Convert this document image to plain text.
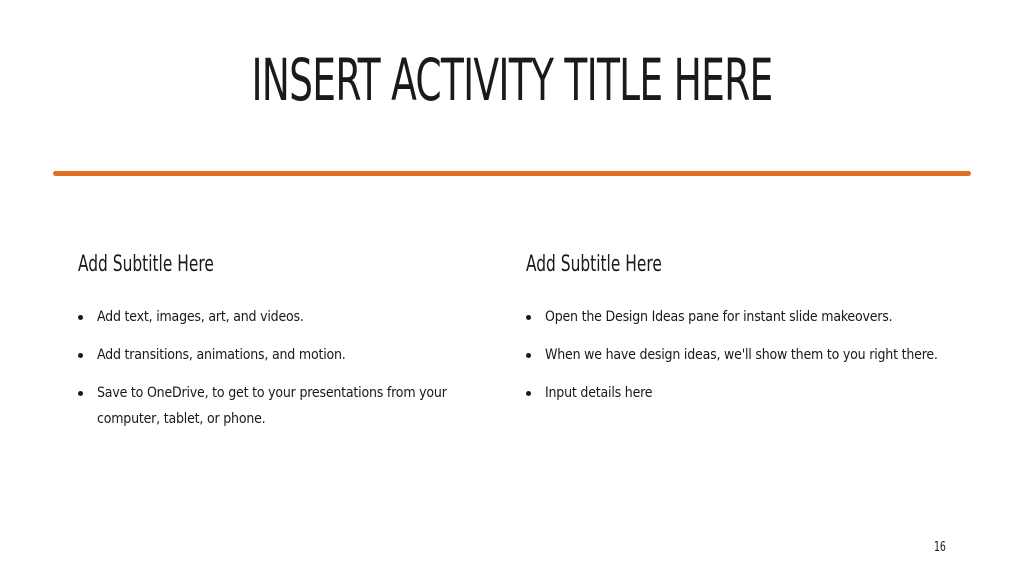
INSERT ACTIVITY TITLE HERE
Add Subtitle Here
Add text, images, art, and videos.
Add transitions, animations, and motion.
Save to OneDrive, to get to your presentations from your computer, tablet, or phone.
Add Subtitle Here
Open the Design Ideas pane for instant slide makeovers.
When we have design ideas, we'll show them to you right there.
Input details here
16
